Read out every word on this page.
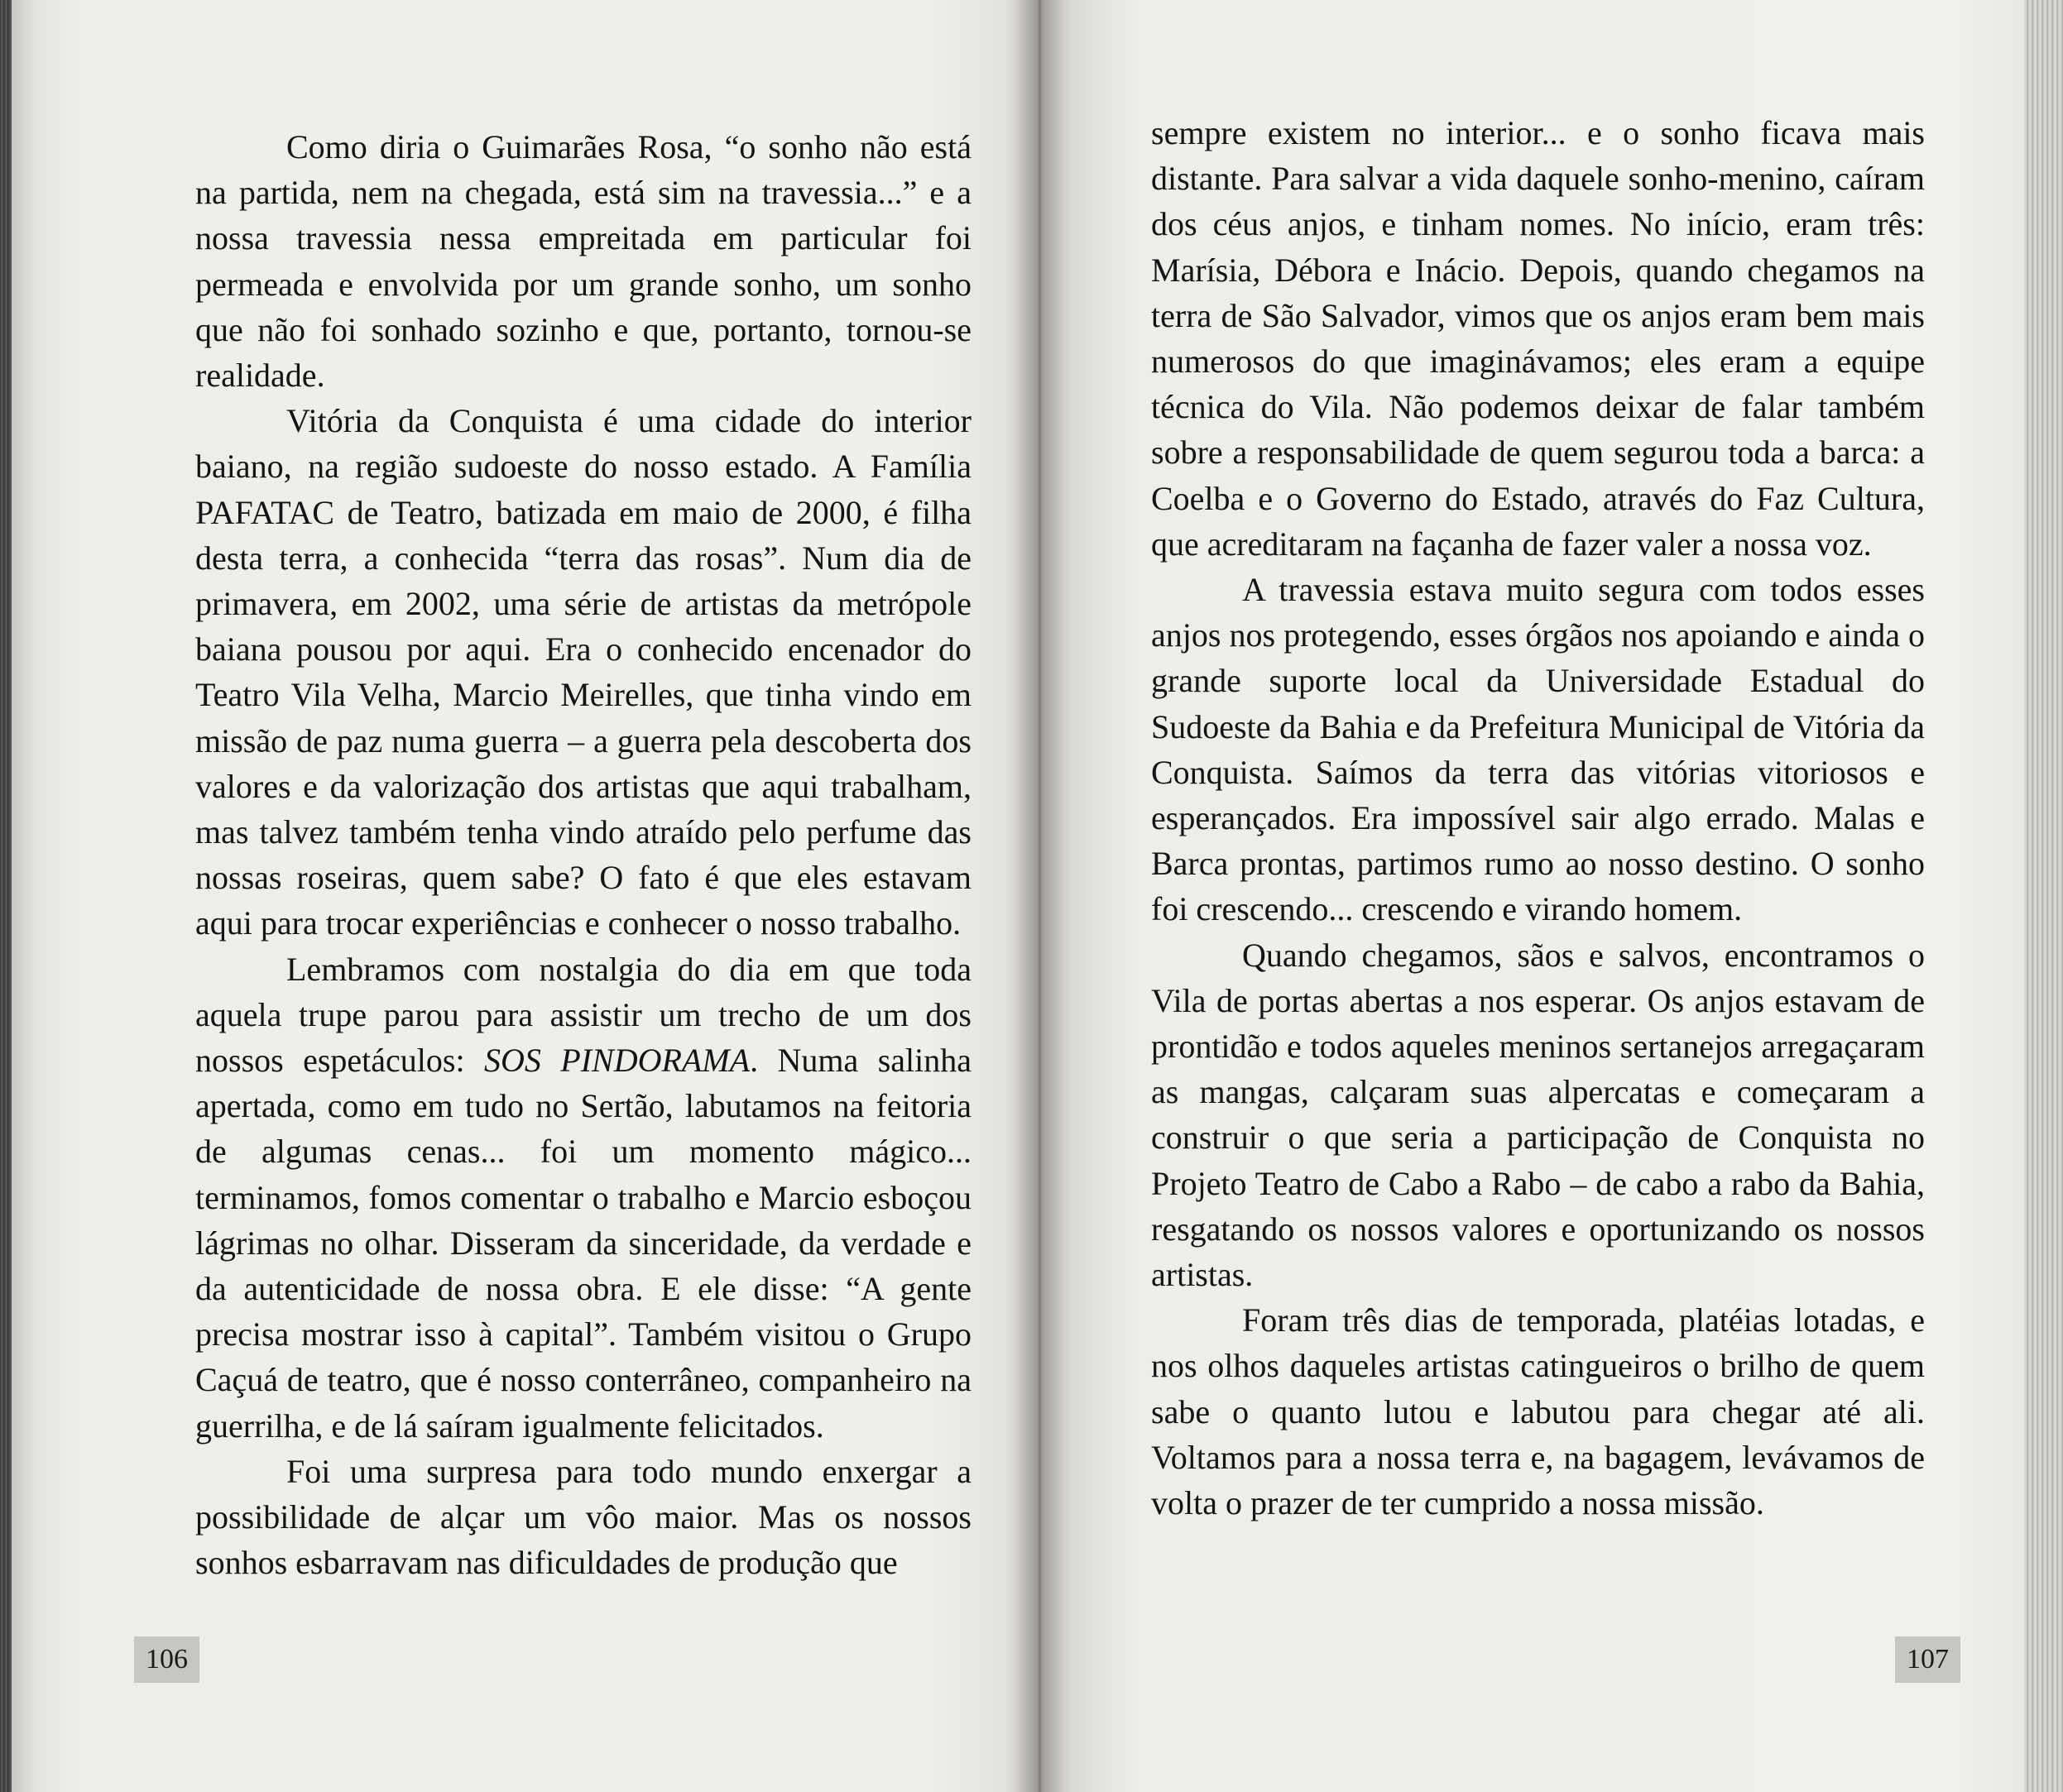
Como diria o Guimarães Rosa, “o sonho não está na partida, nem na chegada, está sim na travessia...” e a nossa travessia nessa empreitada em particular foi permeada e envolvida por um grande sonho, um sonho que não foi sonhado sozinho e que, portanto, tornou-se realidade.

Vitória da Conquista é uma cidade do interior baiano, na região sudoeste do nosso estado. A Família PAFATAC de Teatro, batizada em maio de 2000, é filha desta terra, a conhecida “terra das rosas”. Num dia de primavera, em 2002, uma série de artistas da metrópole baiana pousou por aqui. Era o conhecido encenador do Teatro Vila Velha, Marcio Meirelles, que tinha vindo em missão de paz numa guerra – a guerra pela descoberta dos valores e da valorização dos artistas que aqui trabalham, mas talvez também tenha vindo atraído pelo perfume das nossas roseiras, quem sabe? O fato é que eles estavam aqui para trocar experiências e conhecer o nosso trabalho.

Lembramos com nostalgia do dia em que toda aquela trupe parou para assistir um trecho de um dos nossos espetáculos: SOS PINDORAMA. Numa salinha apertada, como em tudo no Sertão, labutamos na feitoria de algumas cenas... foi um momento mágico... terminamos, fomos comentar o trabalho e Marcio esboçou lágrimas no olhar. Disseram da sinceridade, da verdade e da autenticidade de nossa obra. E ele disse: “A gente precisa mostrar isso à capital”. Também visitou o Grupo Caçuá de teatro, que é nosso conterrâneo, companheiro na guerrilha, e de lá saíram igualmente felicitados.

Foi uma surpresa para todo mundo enxergar a possibilidade de alçar um vôo maior. Mas os nossos sonhos esbarravam nas dificuldades de produção que

106

sempre existem no interior... e o sonho ficava mais distante. Para salvar a vida daquele sonho-menino, caíram dos céus anjos, e tinham nomes. No início, eram três: Marísia, Débora e Inácio. Depois, quando chegamos na terra de São Salvador, vimos que os anjos eram bem mais numerosos do que imaginávamos; eles eram a equipe técnica do Vila. Não podemos deixar de falar também sobre a responsabilidade de quem segurou toda a barca: a Coelba e o Governo do Estado, através do Faz Cultura, que acreditaram na façanha de fazer valer a nossa voz.

A travessia estava muito segura com todos esses anjos nos protegendo, esses órgãos nos apoiando e ainda o grande suporte local da Universidade Estadual do Sudoeste da Bahia e da Prefeitura Municipal de Vitória da Conquista. Saímos da terra das vitórias vitoriosos e esperançados. Era impossível sair algo errado. Malas e Barca prontas, partimos rumo ao nosso destino. O sonho foi crescendo... crescendo e virando homem.

Quando chegamos, sãos e salvos, encontramos o Vila de portas abertas a nos esperar. Os anjos estavam de prontidão e todos aqueles meninos sertanejos arregaçaram as mangas, calçaram suas alpercatas e começaram a construir o que seria a participação de Conquista no Projeto Teatro de Cabo a Rabo – de cabo a rabo da Bahia, resgatando os nossos valores e oportunizando os nossos artistas.

Foram três dias de temporada, platéias lotadas, e nos olhos daqueles artistas catingueiros o brilho de quem sabe o quanto lutou e labutou para chegar até ali. Voltamos para a nossa terra e, na bagagem, levávamos de volta o prazer de ter cumprido a nossa missão.

107
